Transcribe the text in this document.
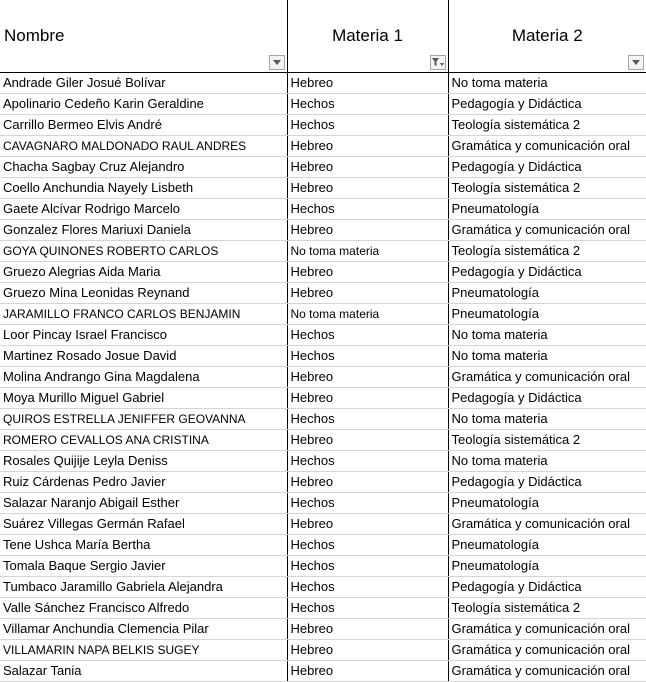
Nombre	Materia 1	Materia 2

Andrade Giler Josué Bolívar	Hebreo	No toma materia
Apolinario Cedeño Karin Geraldine	Hechos	Pedagogía y Didáctica
Carrillo Bermeo Elvis André	Hechos	Teología sistemática 2
CAVAGNARO MALDONADO RAUL ANDRES	Hebreo	Gramática y comunicación oral
Chacha Sagbay Cruz Alejandro	Hebreo	Pedagogía y Didáctica
Coello Anchundia Nayely Lisbeth	Hebreo	Teología sistemática 2
Gaete Alcívar Rodrigo Marcelo	Hechos	Pneumatología
Gonzalez Flores Mariuxi Daniela	Hebreo	Gramática y comunicación oral
GOYA QUINONES ROBERTO CARLOS	No toma materia	Teología sistemática 2
Gruezo Alegrias Aida Maria	Hebreo	Pedagogía y Didáctica
Gruezo Mina Leonidas Reynand	Hebreo	Pneumatología
JARAMILLO FRANCO CARLOS BENJAMIN	No toma materia	Pneumatología
Loor Pincay Israel Francisco	Hechos	No toma materia
Martinez Rosado Josue David	Hechos	No toma materia
Molina Andrango Gina Magdalena	Hebreo	Gramática y comunicación oral
Moya Murillo Miguel Gabriel	Hebreo	Pedagogía y Didáctica
QUIROS ESTRELLA JENIFFER GEOVANNA	Hechos	No toma materia
ROMERO CEVALLOS ANA CRISTINA	Hebreo	Teología sistemática 2
Rosales Quijije Leyla Deniss	Hechos	No toma materia
Ruiz Cárdenas Pedro Javier	Hebreo	Pedagogía y Didáctica
Salazar Naranjo Abigail Esther	Hechos	Pneumatología
Suárez Villegas Germán Rafael	Hebreo	Gramática y comunicación oral
Tene Ushca María Bertha	Hechos	Pneumatología
Tomala Baque Sergio Javier	Hechos	Pneumatología
Tumbaco Jaramillo Gabriela Alejandra	Hechos	Pedagogía y Didáctica
Valle Sánchez Francisco Alfredo	Hechos	Teología sistemática 2
Villamar Anchundia Clemencia Pilar	Hebreo	Gramática y comunicación oral
VILLAMARIN NAPA BELKIS SUGEY	Hebreo	Gramática y comunicación oral
Salazar Tania	Hebreo	Gramática y comunicación oral
